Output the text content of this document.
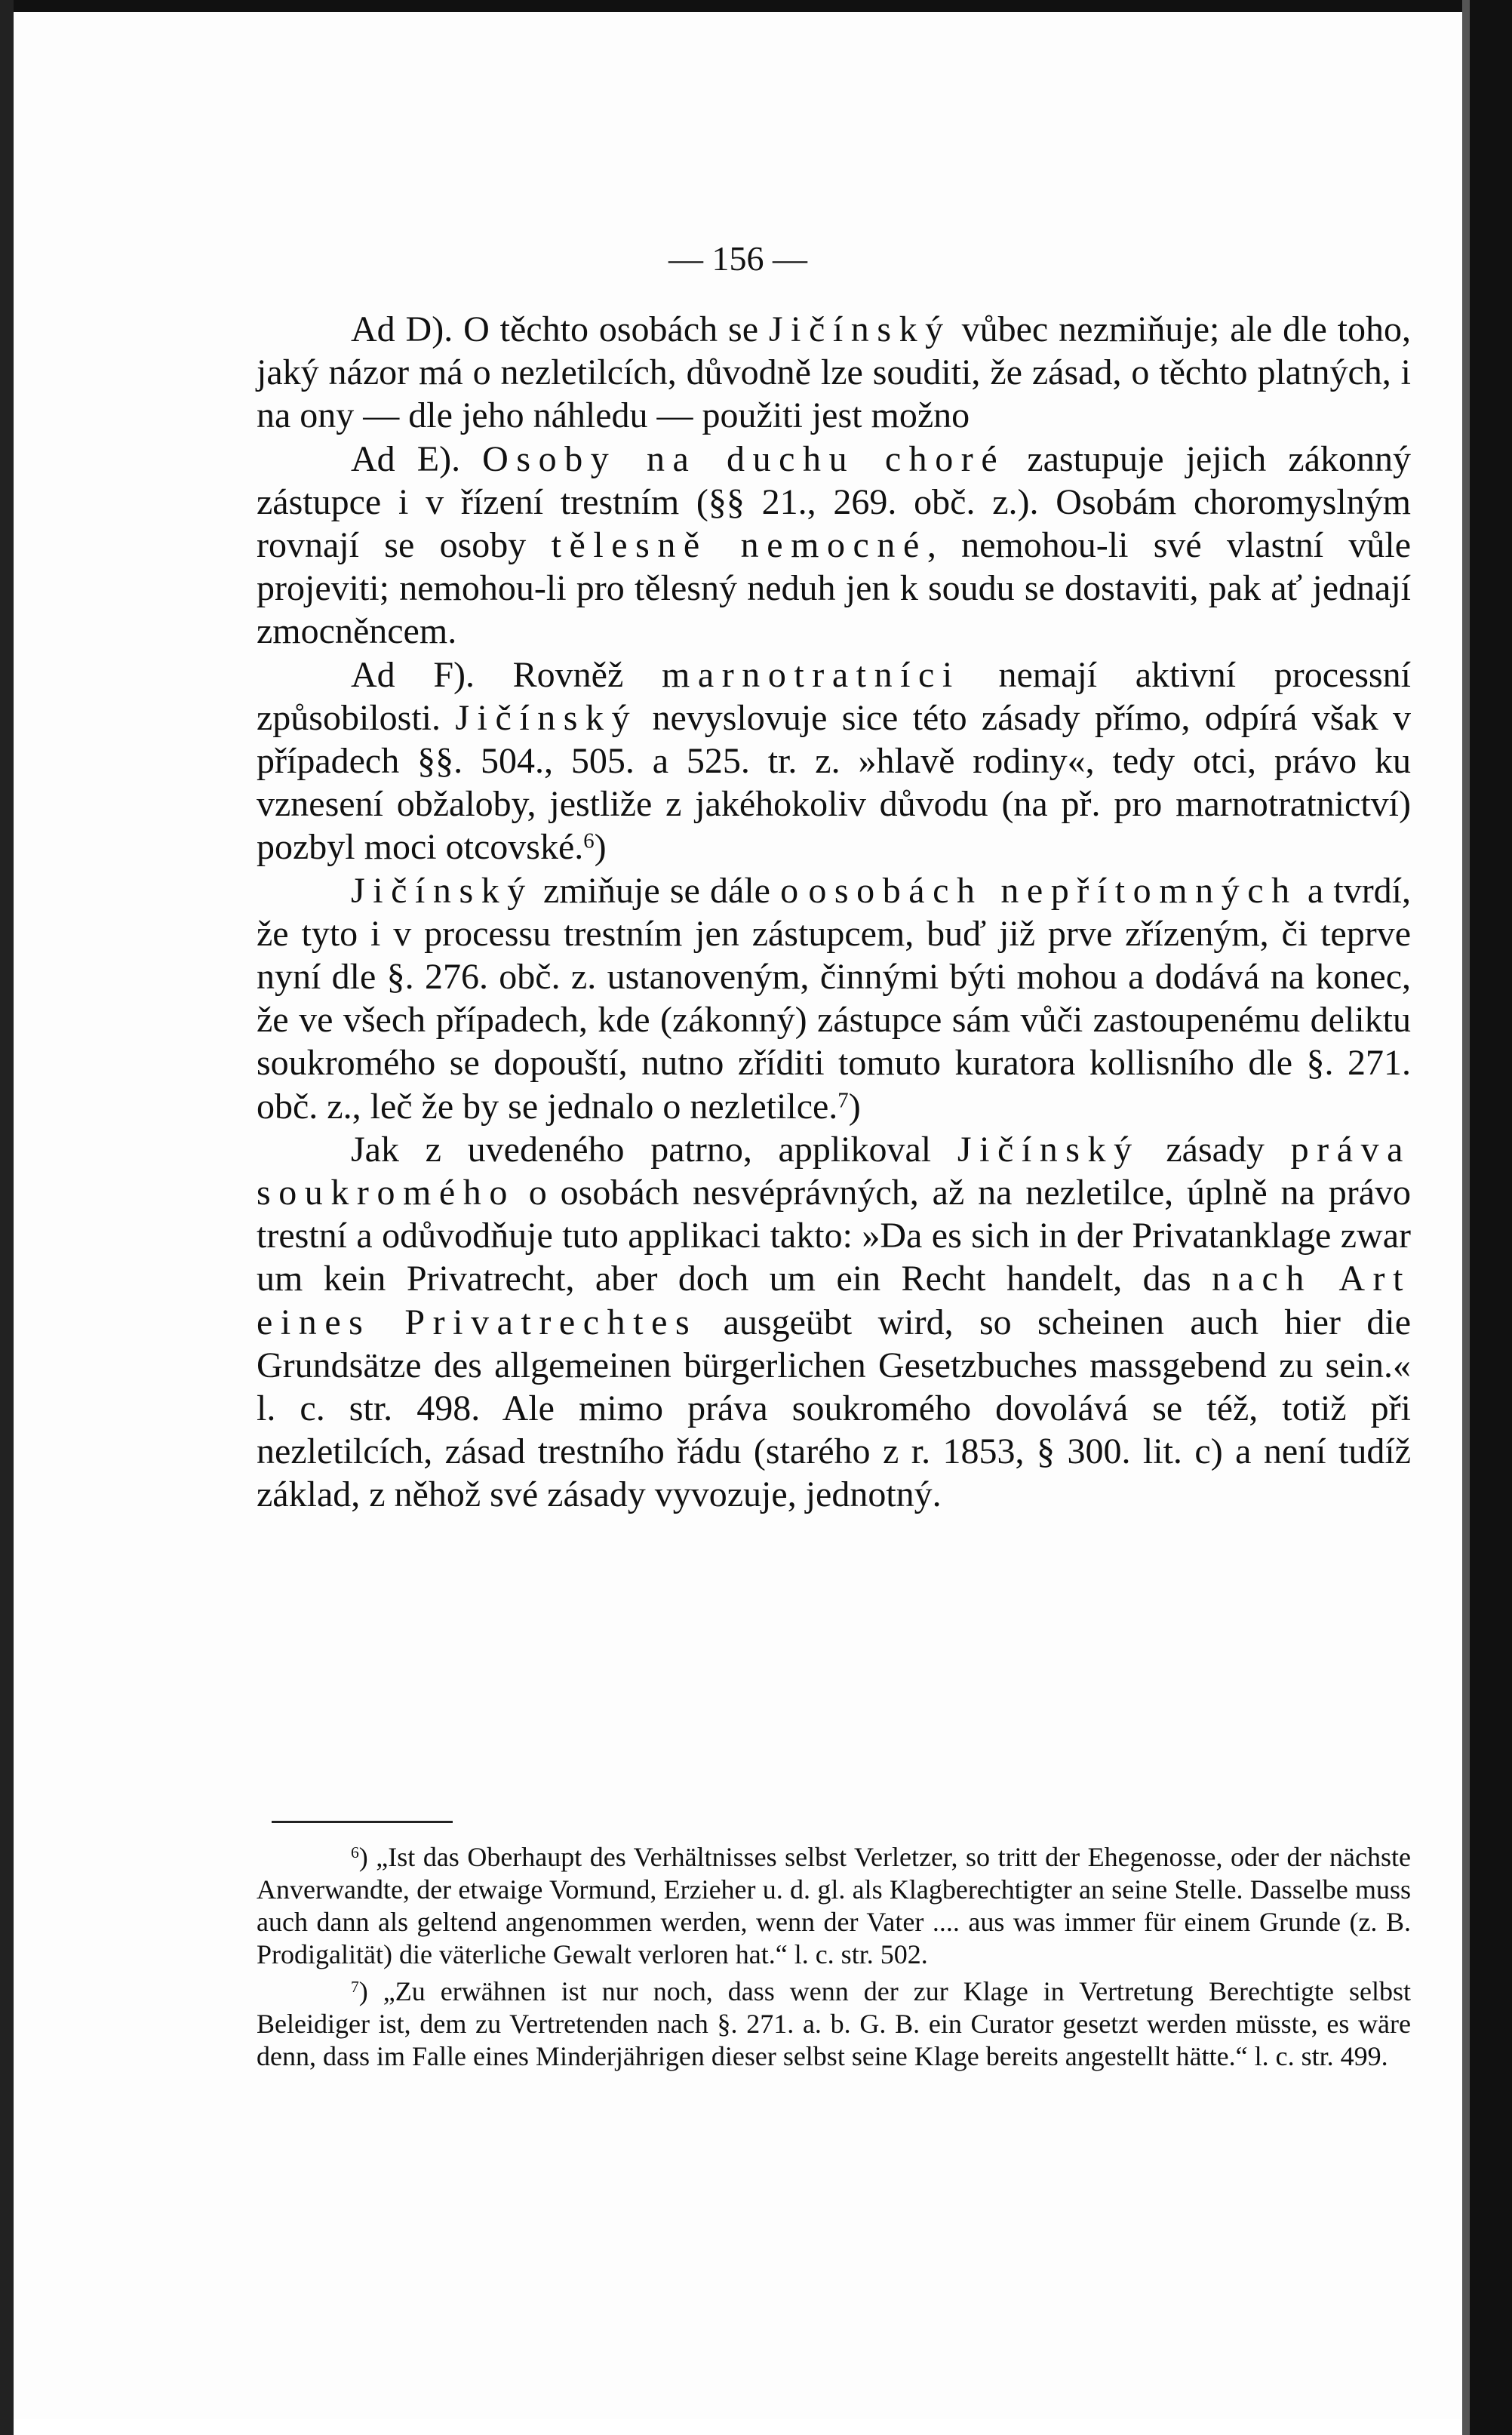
— 156 —

Ad D). O těchto osobách se Jičínský vůbec nezmiňuje; ale dle toho, jaký názor má o nezletilcích, důvodně lze souditi, že zásad, o těchto platných, i na ony — dle jeho náhledu — použiti jest možno

Ad E). Osoby na duchu choré zastupuje jejich zákonný zástupce i v řízení trestním (§§ 21., 269. obč. z.). Osobám choromyslným rovnají se osoby tělesně nemocné, nemohou-li své vlastní vůle projeviti; nemohou-li pro tělesný neduh jen k soudu se dostaviti, pak ať jednají zmocněncem.

Ad F). Rovněž marnotratníci nemají aktivní processní způsobilosti. Jičínský nevyslovuje sice této zásady přímo, odpírá však v případech §§. 504., 505. a 525. tr. z. »hlavě rodiny«, tedy otci, právo ku vznesení obžaloby, jestliže z jakéhokoliv důvodu (na př. pro marnotratnictví) pozbyl moci otcovské.$^6$)

Jičínský zmiňuje se dále o osobách nepřítomných a tvrdí, že tyto i v processu trestním jen zástupcem, buď již prve zřízeným, či teprve nyní dle §. 276. obč. z. ustanoveným, činnými býti mohou a dodává na konec, že ve všech případech, kde (zákonný) zástupce sám vůči zastoupenému deliktu soukromého se dopouští, nutno zříditi tomuto kuratora kollisního dle §. 271. obč. z., leč že by se jednalo o nezletilce.$^7$)

Jak z uvedeného patrno, applikoval Jičínský zásady práva soukromého o osobách nesvéprávných, až na nezletilce, úplně na právo trestní a odůvodňuje tuto applikaci takto: »Da es sich in der Privatanklage zwar um kein Privatrecht, aber doch um ein Recht handelt, das nach Art eines Privatrechtes ausgeübt wird, so scheinen auch hier die Grundsätze des allgemeinen bürgerlichen Gesetzbuches massgebend zu sein.« l. c. str. 498. Ale mimo práva soukromého dovolává se též, totiž při nezletilcích, zásad trestního řádu (starého z r. 1853, § 300. lit. c) a není tudíž základ, z něhož své zásady vyvozuje, jednotný.

$^6$) „Ist das Oberhaupt des Verhältnisses selbst Verletzer, so tritt der Ehegenosse, oder der nächste Anverwandte, der etwaige Vormund, Erzieher u. d. gl. als Klagberechtigter an seine Stelle. Dasselbe muss auch dann als geltend angenommen werden, wenn der Vater .... aus was immer für einem Grunde (z. B. Prodigalität) die väterliche Gewalt verloren hat.“ l. c. str. 502.

$^7$) „Zu erwähnen ist nur noch, dass wenn der zur Klage in Vertretung Berechtigte selbst Beleidiger ist, dem zu Vertretenden nach §. 271. a. b. G. B. ein Curator gesetzt werden müsste, es wäre denn, dass im Falle eines Minderjährigen dieser selbst seine Klage bereits angestellt hätte.“ l. c. str. 499.
